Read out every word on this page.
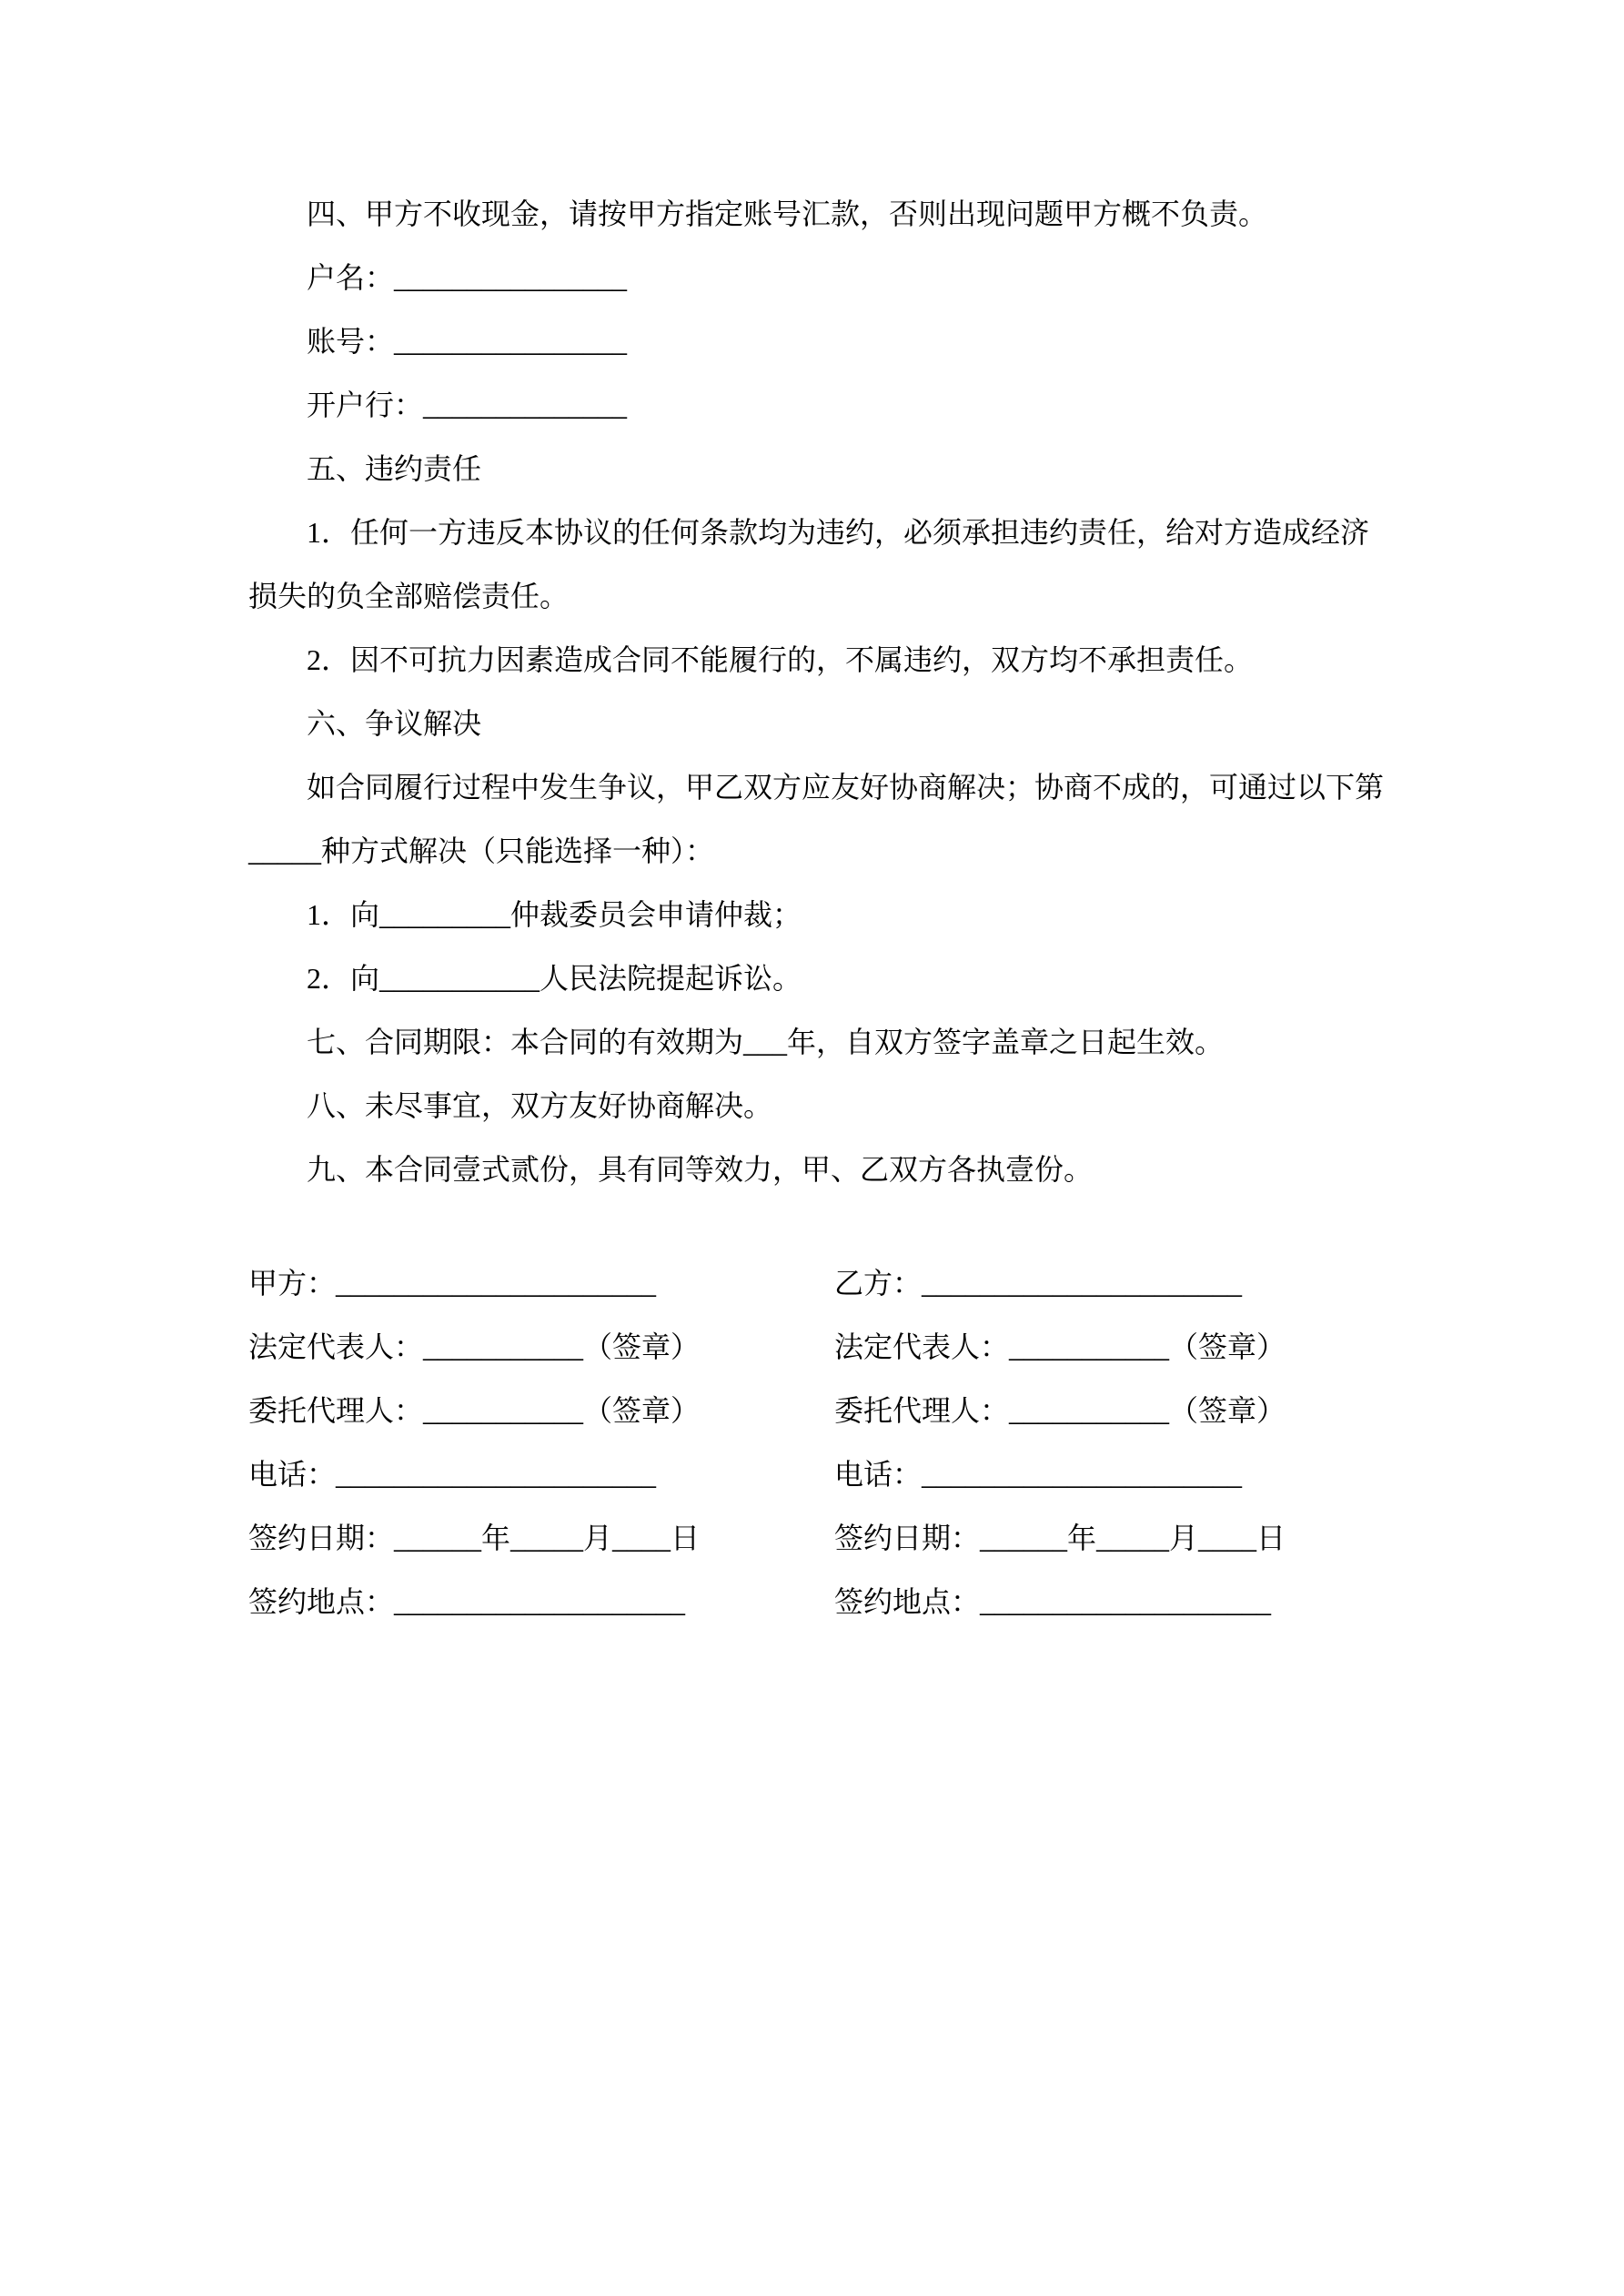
四、甲方不收现金，请按甲方指定账号汇款，否则出现问题甲方概不负责。

户名：________________

账号：________________

开户行：______________

五、违约责任

1．任何一方违反本协议的任何条款均为违约，必须承担违约责任，给对方造成经济损失的负全部赔偿责任。

2．因不可抗力因素造成合同不能履行的，不属违约，双方均不承担责任。

六、争议解决

如合同履行过程中发生争议，甲乙双方应友好协商解决；协商不成的，可通过以下第_____种方式解决（只能选择一种）：

1．向_________仲裁委员会申请仲裁；

2．向___________人民法院提起诉讼。

七、合同期限：本合同的有效期为___年，自双方签字盖章之日起生效。

八、未尽事宜，双方友好协商解决。

九、本合同壹式贰份，具有同等效力，甲、乙双方各执壹份。

甲方：______________________

法定代表人：___________（签章）

委托代理人：___________（签章）

电话：______________________

签约日期：______年_____月____日

签约地点：____________________

乙方：______________________

法定代表人：___________（签章）

委托代理人：___________（签章）

电话：______________________

签约日期：______年_____月____日

签约地点：____________________
